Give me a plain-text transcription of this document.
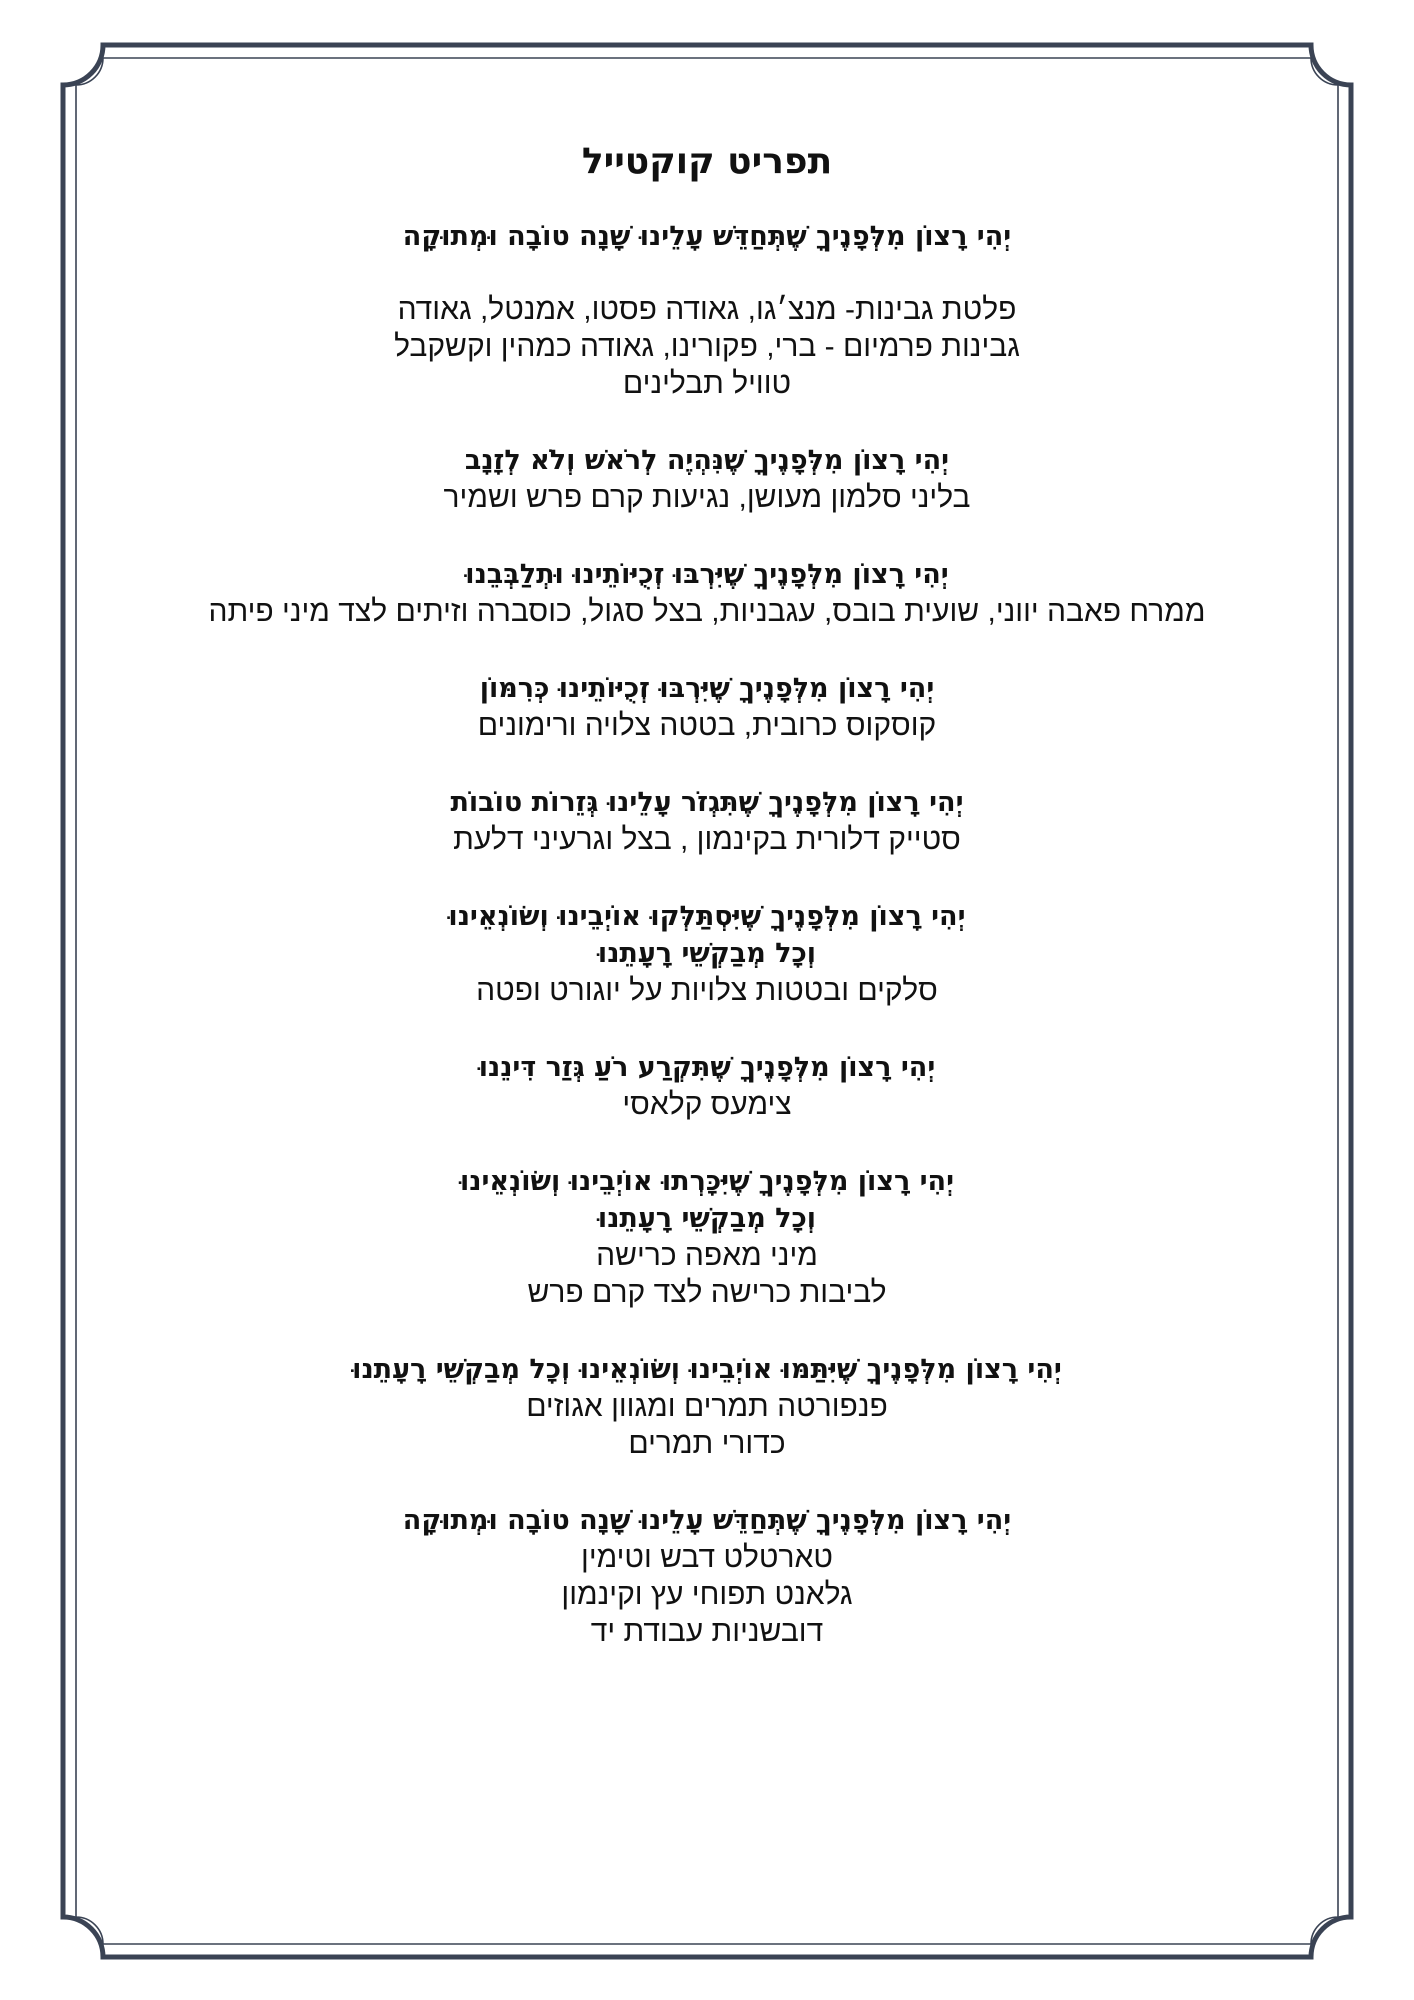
תפריט קוקטייל
יְהִי רָצוֹן מִלְּפָנֶיךָ שֶׁתְּחַדֵּשׁ עָלֵינוּ שָׁנָה טוֹבָה וּמְתוּקָה
פלטת גבינות- מנצ׳גו, גאודה פסטו, אמנטל, גאודה
גבינות פרמיום - ברי, פקורינו, גאודה כמהין וקשקבל
טוויל תבלינים
יְהִי רָצוֹן מִלְּפָנֶיךָ שֶׁנִּהְיֶה לְרֹאשׁ וְלֹא לְזָנָב
בליני סלמון מעושן, נגיעות קרם פרש ושמיר
יְהִי רָצוֹן מִלְּפָנֶיךָ שֶׁיִּרְבּוּ זְכֻיּוֹתֵינוּ וּתְלַבְּבֵנוּ
ממרח פאבה יווני, שועית בובס, עגבניות, בצל סגול, כוסברה וזיתים לצד מיני פיתה
יְהִי רָצוֹן מִלְּפָנֶיךָ שֶׁיִּרְבּוּ זְכֻיּוֹתֵינוּ כְּרִמּוֹן
קוסקוס כרובית, בטטה צלויה ורימונים
יְהִי רָצוֹן מִלְּפָנֶיךָ שֶׁתִּגְזֹר עָלֵינוּ גְּזֵרוֹת טוֹבוֹת
סטייק דלורית בקינמון , בצל וגרעיני דלעת
יְהִי רָצוֹן מִלְּפָנֶיךָ שֶׁיִּסְתַּלְּקוּ אוֹיְבֵינוּ וְשׂוֹנְאֵינוּ
וְכָל מְבַקְשֵׁי רָעָתֵנוּ
סלקים ובטטות צלויות על יוגורט ופטה
יְהִי רָצוֹן מִלְּפָנֶיךָ שֶׁתִּקְרַע רֹעַ גְּזַר דִּינֵנוּ
צימעס קלאסי
יְהִי רָצוֹן מִלְּפָנֶיךָ שֶׁיִּכָּרְתוּ אוֹיְבֵינוּ וְשׂוֹנְאֵינוּ
וְכָל מְבַקְשֵׁי רָעָתֵנוּ
מיני מאפה כרישה
לביבות כרישה לצד קרם פרש
יְהִי רָצוֹן מִלְּפָנֶיךָ שֶׁיִּתַּמּוּ אוֹיְבֵינוּ וְשׂוֹנְאֵינוּ וְכָל מְבַקְשֵׁי רָעָתֵנוּ
פנפורטה תמרים ומגוון אגוזים
כדורי תמרים
יְהִי רָצוֹן מִלְּפָנֶיךָ שֶׁתְּחַדֵּשׁ עָלֵינוּ שָׁנָה טוֹבָה וּמְתוּקָה
טארטלט דבש וטימין
גלאנט תפוחי עץ וקינמון
דובשניות עבודת יד
